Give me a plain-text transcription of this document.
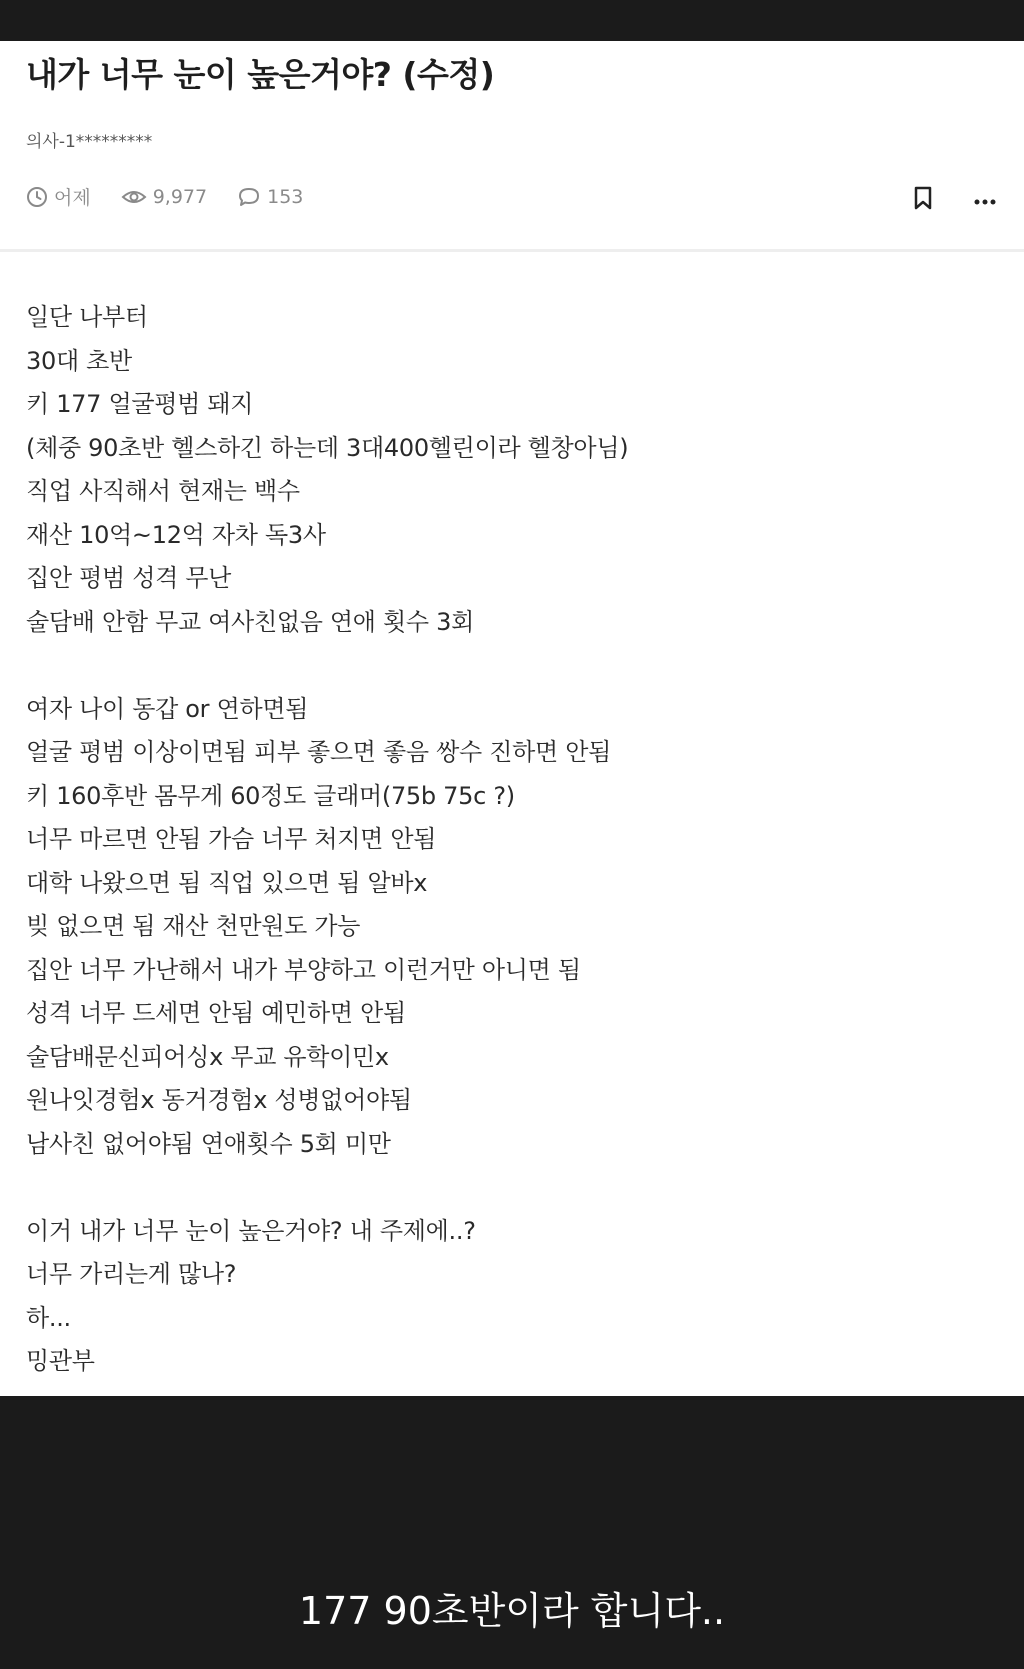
내가 너무 눈이 높은거야? (수정)
의사-1*********
어제	9,977	153
일단 나부터
30대 초반
키 177 얼굴평범 돼지
(체중 90초반 헬스하긴 하는데 3대400헬린이라 헬창아님)
직업 사직해서 현재는 백수
재산 10억~12억 자차 독3사
집안 평범 성격 무난
술담배 안함 무교 여사친없음 연애 횟수 3회
여자 나이 동갑 or 연하면됨
얼굴 평범 이상이면됨 피부 좋으면 좋음 쌍수 진하면 안됨
키 160후반 몸무게 60정도 글래머(75b 75c ?)
너무 마르면 안됨 가슴 너무 처지면 안됨
대학 나왔으면 됨 직업 있으면 됨 알바x
빚 없으면 됨 재산 천만원도 가능
집안 너무 가난해서 내가 부양하고 이런거만 아니면 됨
성격 너무 드세면 안됨 예민하면 안됨
술담배문신피어싱x 무교 유학이민x
원나잇경험x 동거경험x 성병없어야됨
남사친 없어야됨 연애횟수 5회 미만
이거 내가 너무 눈이 높은거야? 내 주제에..?
너무 가리는게 많나?
하...
밍관부
177 90초반이라 합니다..
